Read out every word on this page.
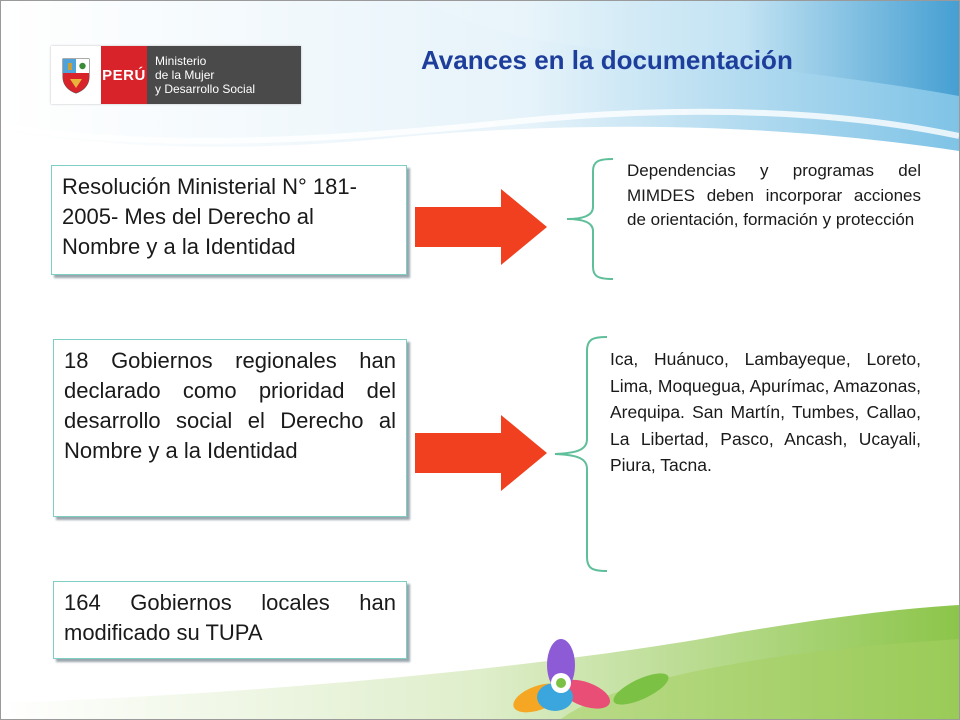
PERÚ
Ministerio
de la Mujer
y Desarrollo Social
Avances en la documentación
Resolución Ministerial N° 181-2005- Mes del Derecho al Nombre y a la Identidad
18 Gobiernos regionales han declarado como prioridad del desarrollo social el Derecho al Nombre y a la Identidad
164 Gobiernos locales han modificado su TUPA
Dependencias y programas del MIMDES deben incorporar acciones de orientación, formación y protección
Ica, Huánuco, Lambayeque, Loreto, Lima, Moquegua, Apurímac, Amazonas, Arequipa. San Martín, Tumbes, Callao, La Libertad, Pasco, Ancash, Ucayali, Piura, Tacna.
